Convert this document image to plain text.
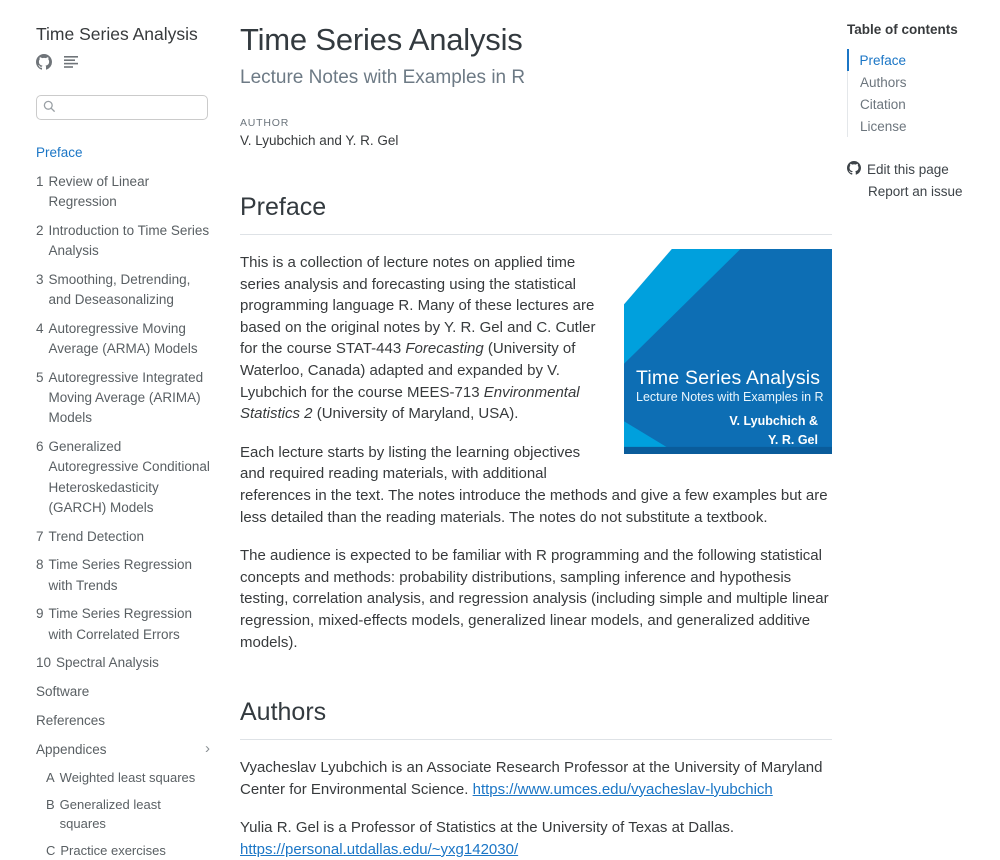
Time Series Analysis
Preface
1 Review of Linear Regression
2 Introduction to Time Series Analysis
3 Smoothing, Detrending, and Deseasonalizing
4 Autoregressive Moving Average (ARMA) Models
5 Autoregressive Integrated Moving Average (ARIMA) Models
6 Generalized Autoregressive Conditional Heteroskedasticity (GARCH) Models
7 Trend Detection
8 Time Series Regression with Trends
9 Time Series Regression with Correlated Errors
10 Spectral Analysis
Software
References
Appendices	›
A Weighted least squares
B Generalized least squares
C Practice exercises
Time Series Analysis

Lecture Notes with Examples in R

AUTHOR
V. Lyubchich and Y. R. Gel
Preface
Time Series Analysis
Lecture Notes with Examples in R
V. Lyubchich &
Y. R. Gel

This is a collection of lecture notes on applied time series analysis and forecasting using the statistical programming language R. Many of these lectures are based on the original notes by Y. R. Gel and C. Cutler for the course STAT-443 Forecasting (University of Waterloo, Canada) adapted and expanded by V. Lyubchich for the course MEES-713 Environmental Statistics 2 (University of Maryland, USA).

Each lecture starts by listing the learning objectives and required reading materials, with additional references in the text. The notes introduce the methods and give a few examples but are less detailed than the reading materials. The notes do not substitute a textbook.

The audience is expected to be familiar with R programming and the following statistical concepts and methods: probability distributions, sampling inference and hypothesis testing, correlation analysis, and regression analysis (including simple and multiple linear regression, mixed-effects models, generalized linear models, and generalized additive models).

Authors

Vyacheslav Lyubchich is an Associate Research Professor at the University of Maryland Center for Environmental Science. https://www.umces.edu/vyacheslav-lyubchich

Yulia R. Gel is a Professor of Statistics at the University of Texas at Dallas.
https://personal.utdallas.edu/~yxg142030/

Table of contents
Preface
Authors
Citation
License
Edit this page
Report an issue
